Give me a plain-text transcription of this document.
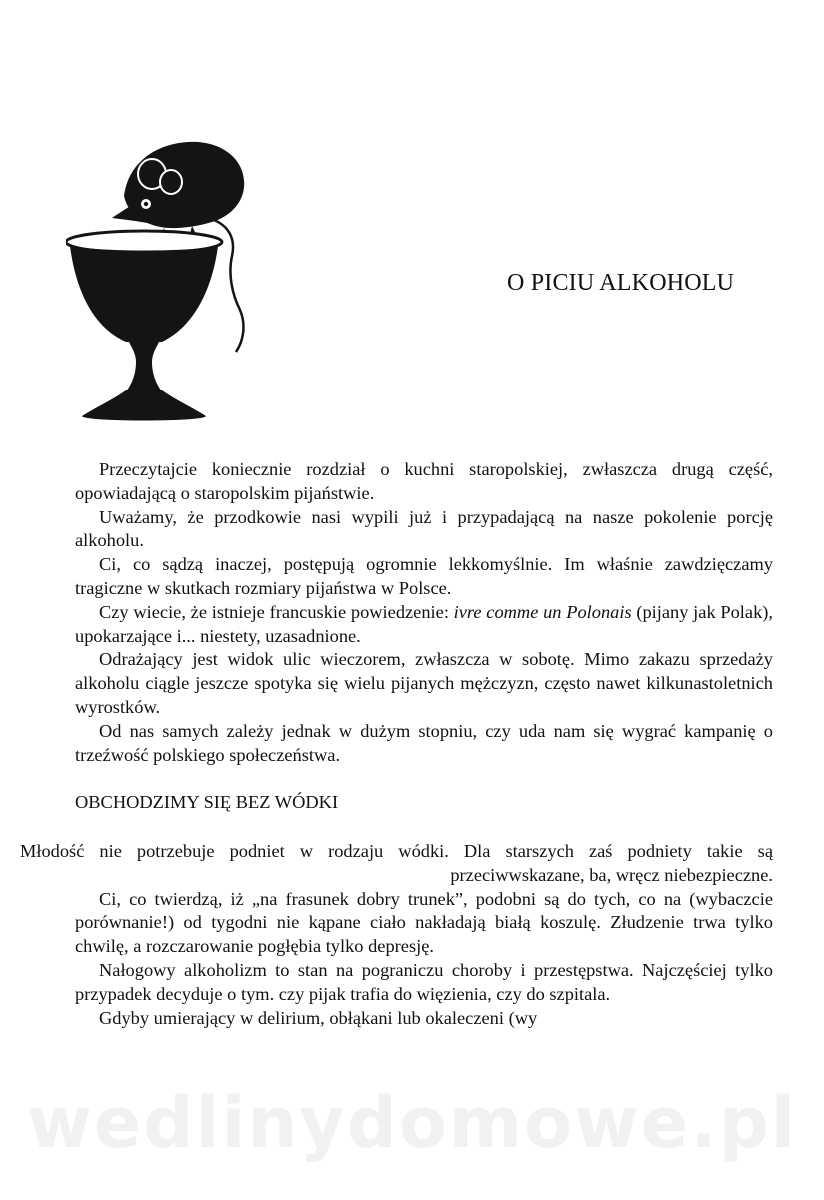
O PICIU ALKOHOLU

Przeczytajcie koniecznie rozdział o kuchni staropolskiej, zwłaszcza drugą część, opowiadającą o staropolskim pijaństwie.

Uważamy, że przodkowie nasi wypili już i przypadającą na nasze pokolenie porcję alkoholu.

Ci, co sądzą inaczej, postępują ogromnie lekkomyślnie. Im właśnie zawdzięczamy tragiczne w skutkach rozmiary pijaństwa w Polsce.

Czy wiecie, że istnieje francuskie powiedzenie: ivre comme un Polonais (pijany jak Polak), upokarzające i... niestety, uzasadnione.

Odrażający jest widok ulic wieczorem, zwłaszcza w sobotę. Mimo zakazu sprzedaży alkoholu ciągle jeszcze spotyka się wielu pijanych mężczyzn, często nawet kilkunastoletnich wyrostków.

Od nas samych zależy jednak w dużym stopniu, czy uda nam się wygrać kampanię o trzeźwość polskiego społeczeństwa.

OBCHODZIMY SIĘ BEZ WÓDKI

Młodość nie potrzebuje podniet w rodzaju wódki. Dla starszych zaś podniety takie są przeciwwskazane, ba, wręcz niebezpieczne.

Ci, co twierdzą, iż „na frasunek dobry trunek”, podobni są do tych, co na (wybaczcie porównanie!) od tygodni nie kąpane ciało nakładają białą koszulę. Złudzenie trwa tylko chwilę, a rozczarowanie pogłębia tylko depresję.

Nałogowy alkoholizm to stan na pograniczu choroby i przestępstwa. Najczęściej tylko przypadek decyduje o tym. czy pijak trafia do więzienia, czy do szpitala.

Gdyby umierający w delirium, obłąkani lub okaleczeni (wy

wedlinydomowe.pl
